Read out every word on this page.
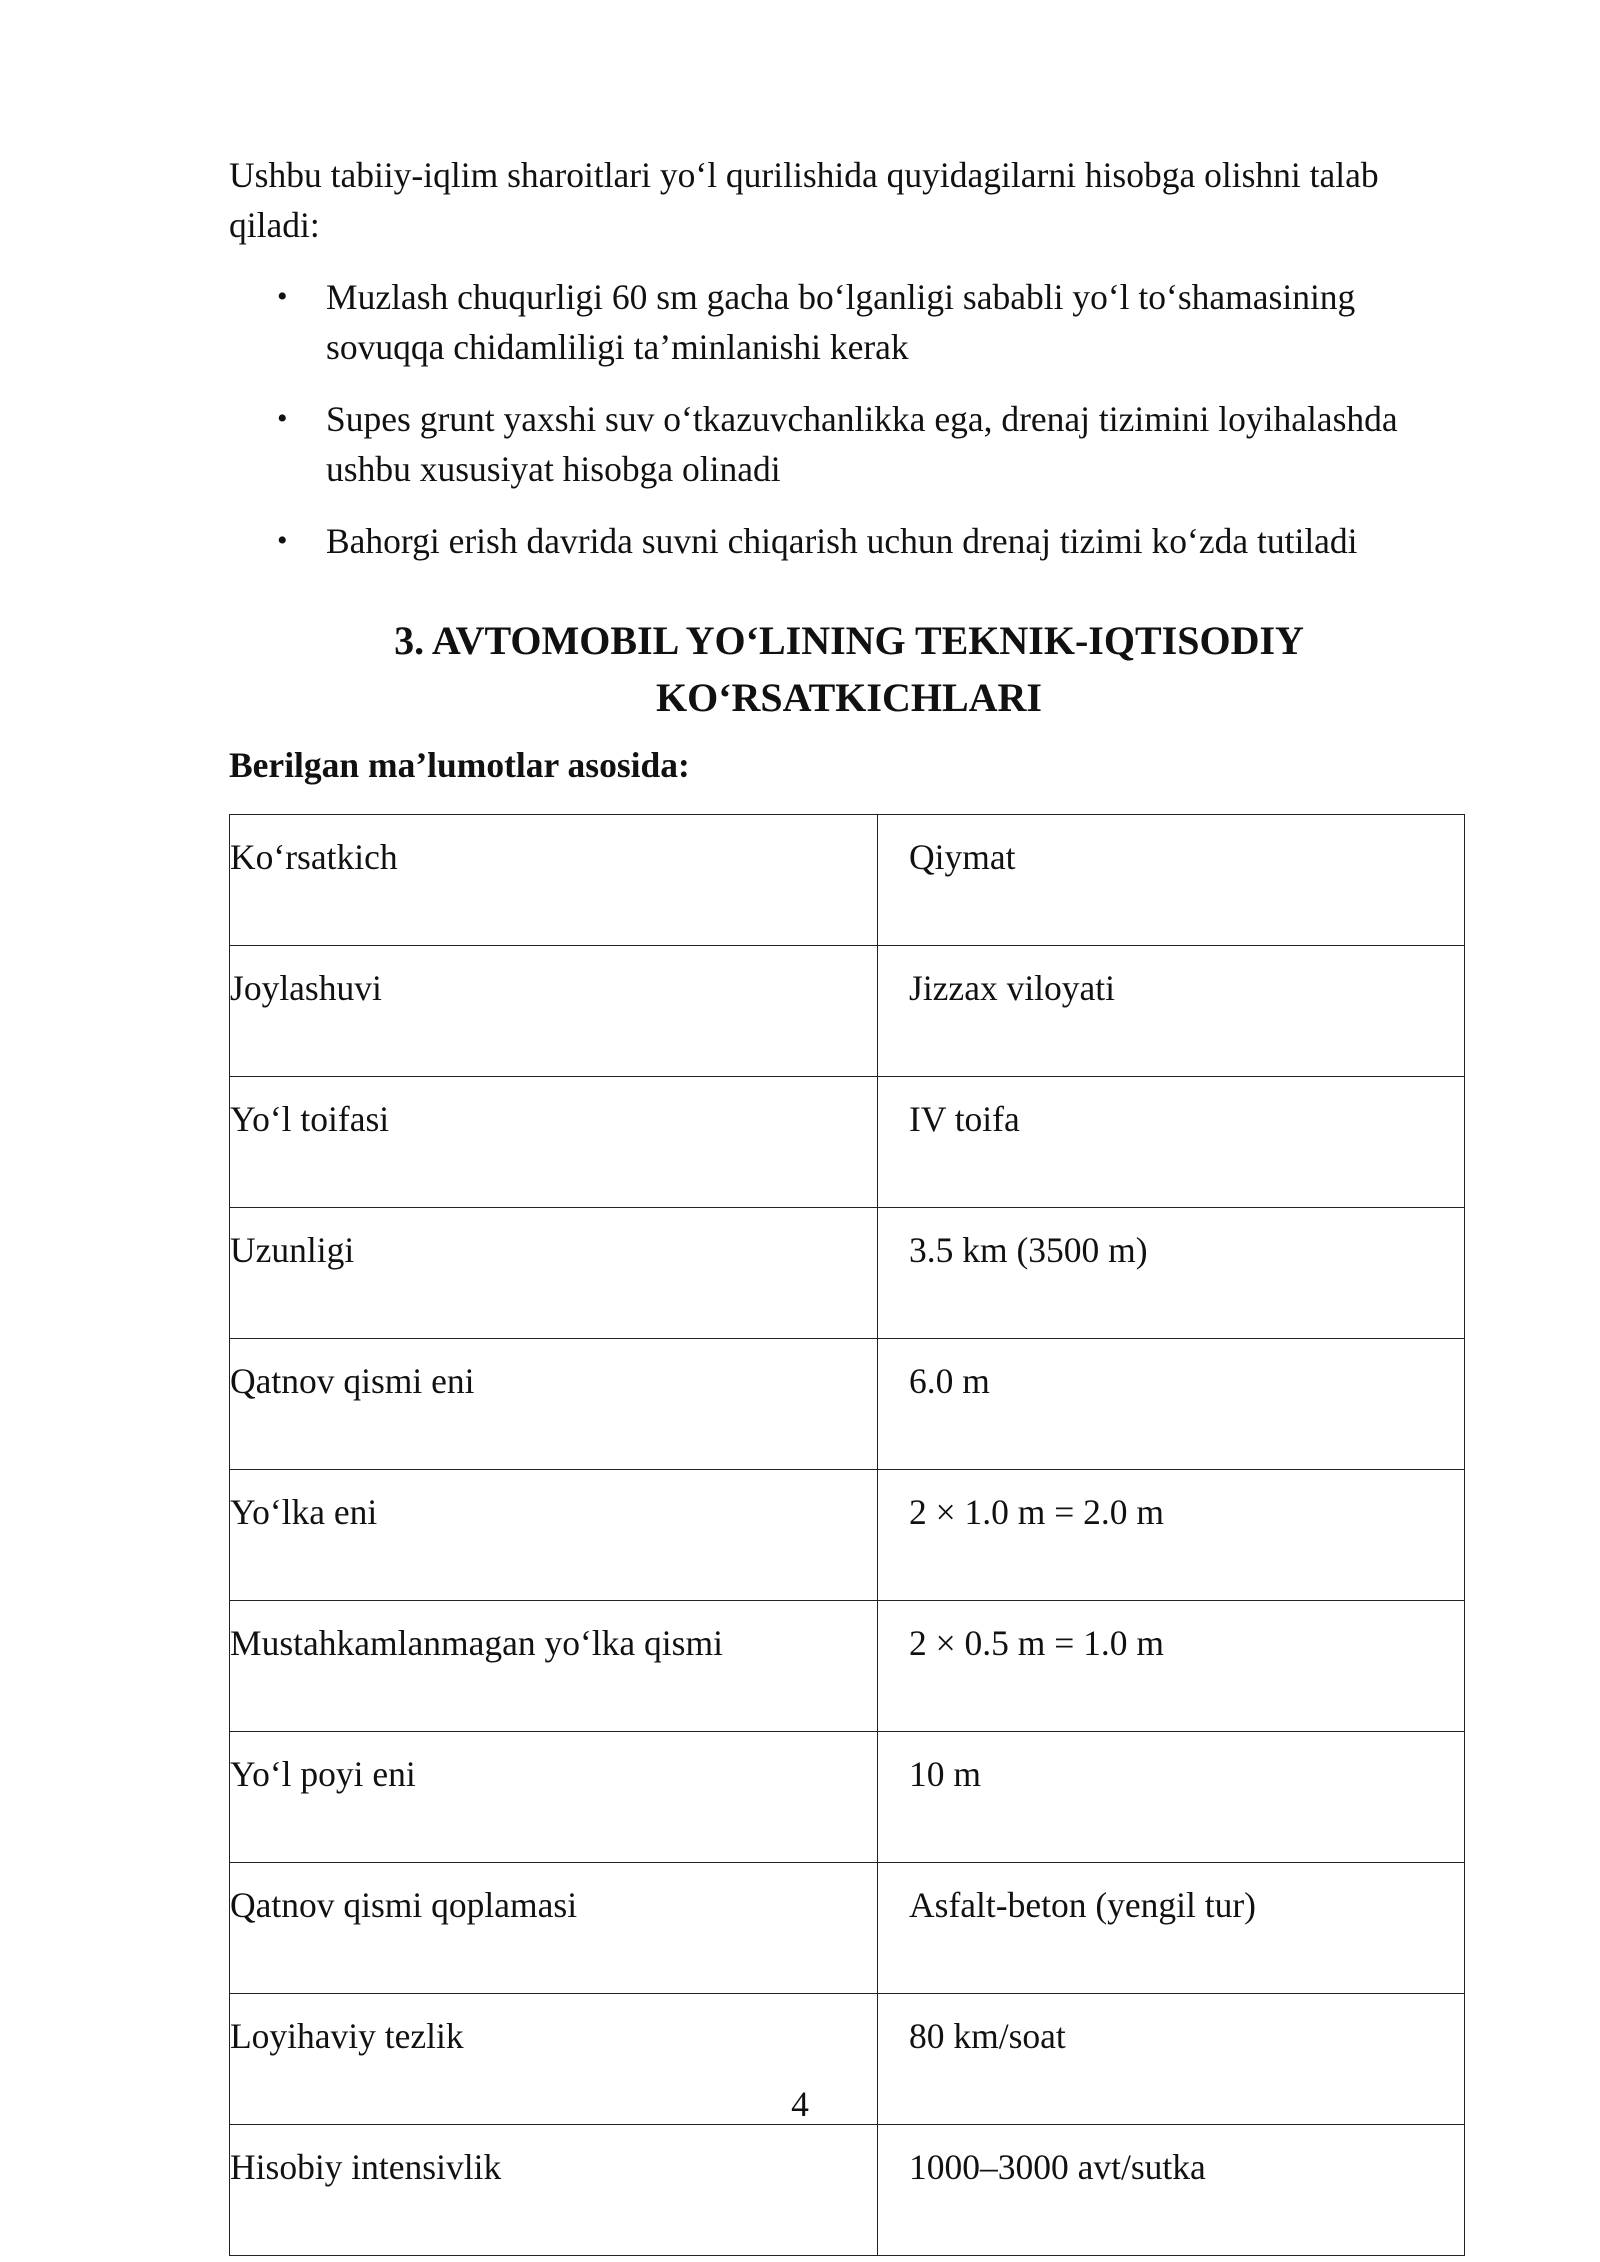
Ushbu tabiiy-iqlim sharoitlari yo‘l qurilishida quyidagilarni hisobga olishni talab qiladi:

• Muzlash chuqurligi 60 sm gacha bo‘lganligi sababli yo‘l to‘shamasining sovuqqa chidamliligi ta’minlanishi kerak
• Supes grunt yaxshi suv o‘tkazuvchanlikka ega, drenaj tizimini loyihalashda ushbu xususiyat hisobga olinadi
• Bahorgi erish davrida suvni chiqarish uchun drenaj tizimi ko‘zda tutiladi
3. AVTOMOBIL YO‘LINING TEKNIK-IQTISODIY KO‘RSATKICHLARI

Berilgan ma’lumotlar asosida:

Ko‘rsatkich	Qiymat
Joylashuvi	Jizzax viloyati
Yo‘l toifasi	IV toifa
Uzunligi	3.5 km (3500 m)
Qatnov qismi eni	6.0 m
Yo‘lka eni	2 × 1.0 m = 2.0 m
Mustahkamlanmagan yo‘lka qismi	2 × 0.5 m = 1.0 m
Yo‘l poyi eni	10 m
Qatnov qismi qoplamasi	Asfalt-beton (yengil tur)
Loyihaviy tezlik	80 km/soat
Hisobiy intensivlik	1000–3000 avt/sutka
4
